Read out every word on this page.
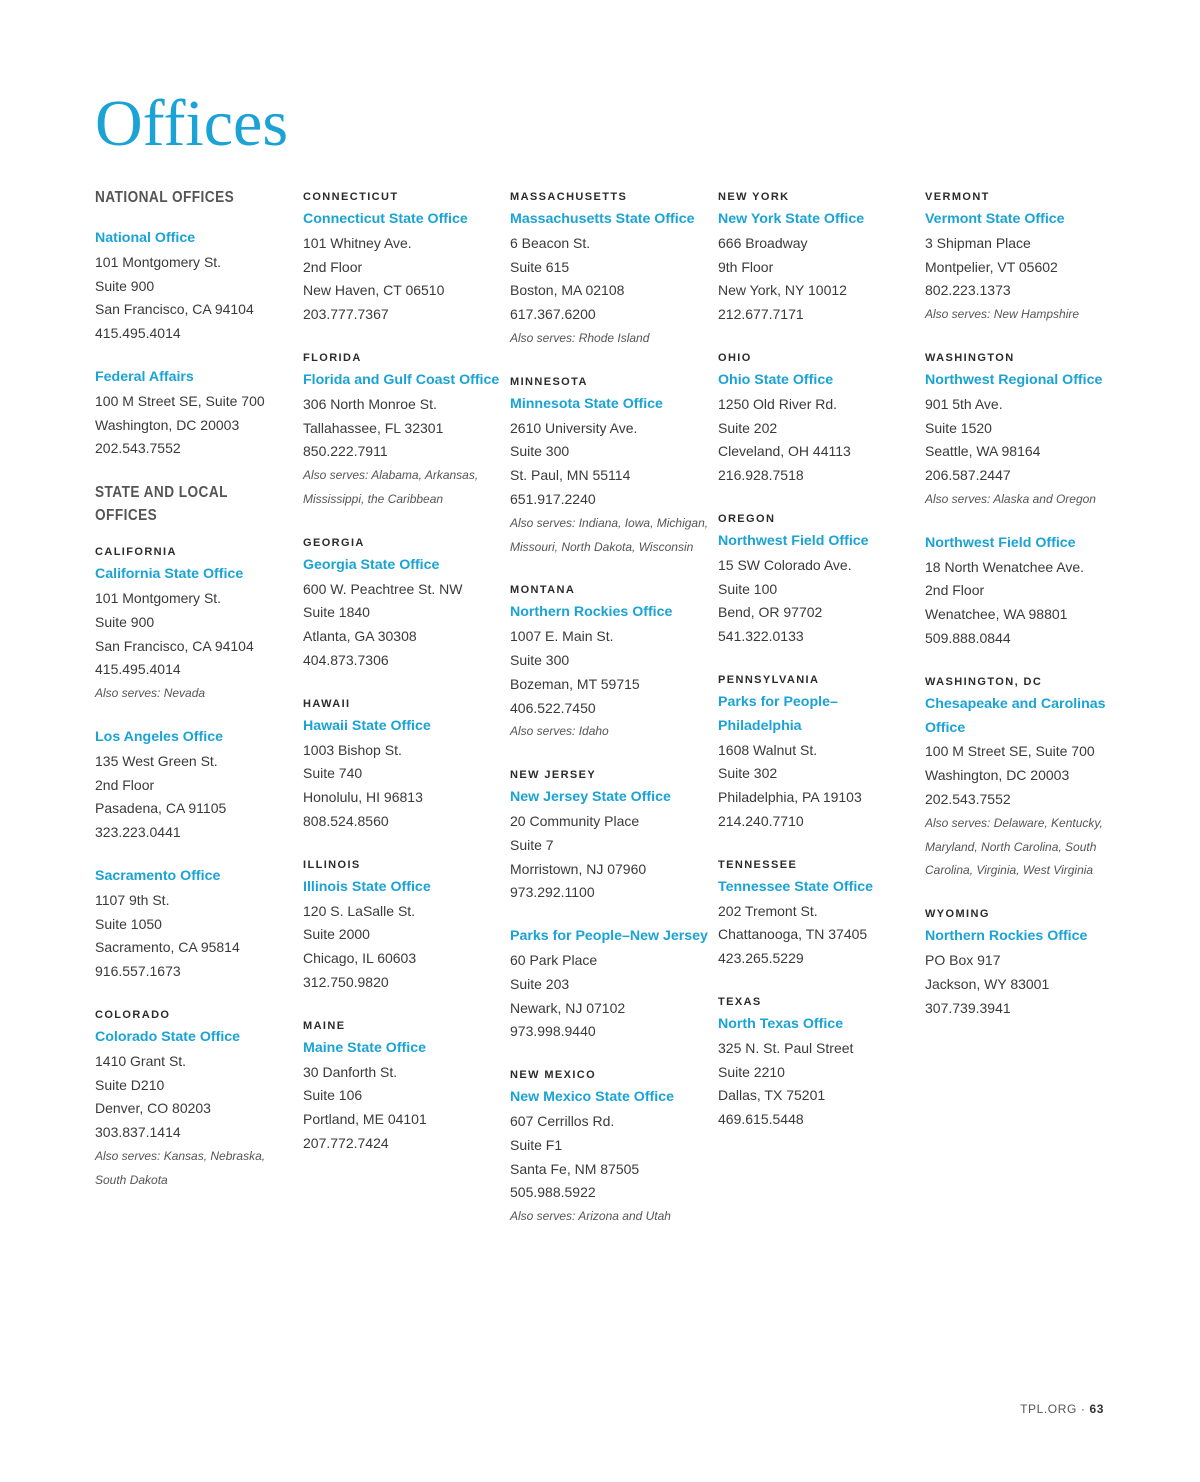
Offices
NATIONAL OFFICES
National Office
101 Montgomery St.
Suite 900
San Francisco, CA 94104
415.495.4014
Federal Affairs
100 M Street SE, Suite 700
Washington, DC 20003
202.543.7552
STATE AND LOCAL
OFFICES
CALIFORNIA
California State Office
101 Montgomery St.
Suite 900
San Francisco, CA 94104
415.495.4014
Also serves: Nevada
Los Angeles Office
135 West Green St.
2nd Floor
Pasadena, CA 91105
323.223.0441
Sacramento Office
1107 9th St.
Suite 1050
Sacramento, CA 95814
916.557.1673
COLORADO
Colorado State Office
1410 Grant St.
Suite D210
Denver, CO 80203
303.837.1414
Also serves: Kansas, Nebraska, South Dakota
CONNECTICUT
Connecticut State Office
101 Whitney Ave.
2nd Floor
New Haven, CT 06510
203.777.7367
FLORIDA
Florida and Gulf Coast Office
306 North Monroe St.
Tallahassee, FL 32301
850.222.7911
Also serves: Alabama, Arkansas, Mississippi, the Caribbean
GEORGIA
Georgia State Office
600 W. Peachtree St. NW
Suite 1840
Atlanta, GA 30308
404.873.7306
HAWAII
Hawaii State Office
1003 Bishop St.
Suite 740
Honolulu, HI 96813
808.524.8560
ILLINOIS
Illinois State Office
120 S. LaSalle St.
Suite 2000
Chicago, IL 60603
312.750.9820
MAINE
Maine State Office
30 Danforth St.
Suite 106
Portland, ME 04101
207.772.7424
MASSACHUSETTS
Massachusetts State Office
6 Beacon St.
Suite 615
Boston, MA 02108
617.367.6200
Also serves: Rhode Island
MINNESOTA
Minnesota State Office
2610 University Ave.
Suite 300
St. Paul, MN 55114
651.917.2240
Also serves: Indiana, Iowa, Michigan, Missouri, North Dakota, Wisconsin
MONTANA
Northern Rockies Office
1007 E. Main St.
Suite 300
Bozeman, MT 59715
406.522.7450
Also serves: Idaho
NEW JERSEY
New Jersey State Office
20 Community Place
Suite 7
Morristown, NJ 07960
973.292.1100
Parks for People–New Jersey
60 Park Place
Suite 203
Newark, NJ 07102
973.998.9440
NEW MEXICO
New Mexico State Office
607 Cerrillos Rd.
Suite F1
Santa Fe, NM 87505
505.988.5922
Also serves: Arizona and Utah
NEW YORK
New York State Office
666 Broadway
9th Floor
New York, NY 10012
212.677.7171
OHIO
Ohio State Office
1250 Old River Rd.
Suite 202
Cleveland, OH 44113
216.928.7518
OREGON
Northwest Field Office
15 SW Colorado Ave.
Suite 100
Bend, OR 97702
541.322.0133
PENNSYLVANIA
Parks for People–Philadelphia
1608 Walnut St.
Suite 302
Philadelphia, PA 19103
214.240.7710
TENNESSEE
Tennessee State Office
202 Tremont St.
Chattanooga, TN 37405
423.265.5229
TEXAS
North Texas Office
325 N. St. Paul Street
Suite 2210
Dallas, TX 75201
469.615.5448
VERMONT
Vermont State Office
3 Shipman Place
Montpelier, VT 05602
802.223.1373
Also serves: New Hampshire
WASHINGTON
Northwest Regional Office
901 5th Ave.
Suite 1520
Seattle, WA 98164
206.587.2447
Also serves: Alaska and Oregon
Northwest Field Office
18 North Wenatchee Ave.
2nd Floor
Wenatchee, WA 98801
509.888.0844
WASHINGTON, DC
Chesapeake and Carolinas Office
100 M Street SE, Suite 700
Washington, DC 20003
202.543.7552
Also serves: Delaware, Kentucky, Maryland, North Carolina, South Carolina, Virginia, West Virginia
WYOMING
Northern Rockies Office
PO Box 917
Jackson, WY 83001
307.739.3941
TPL.ORG · 63
